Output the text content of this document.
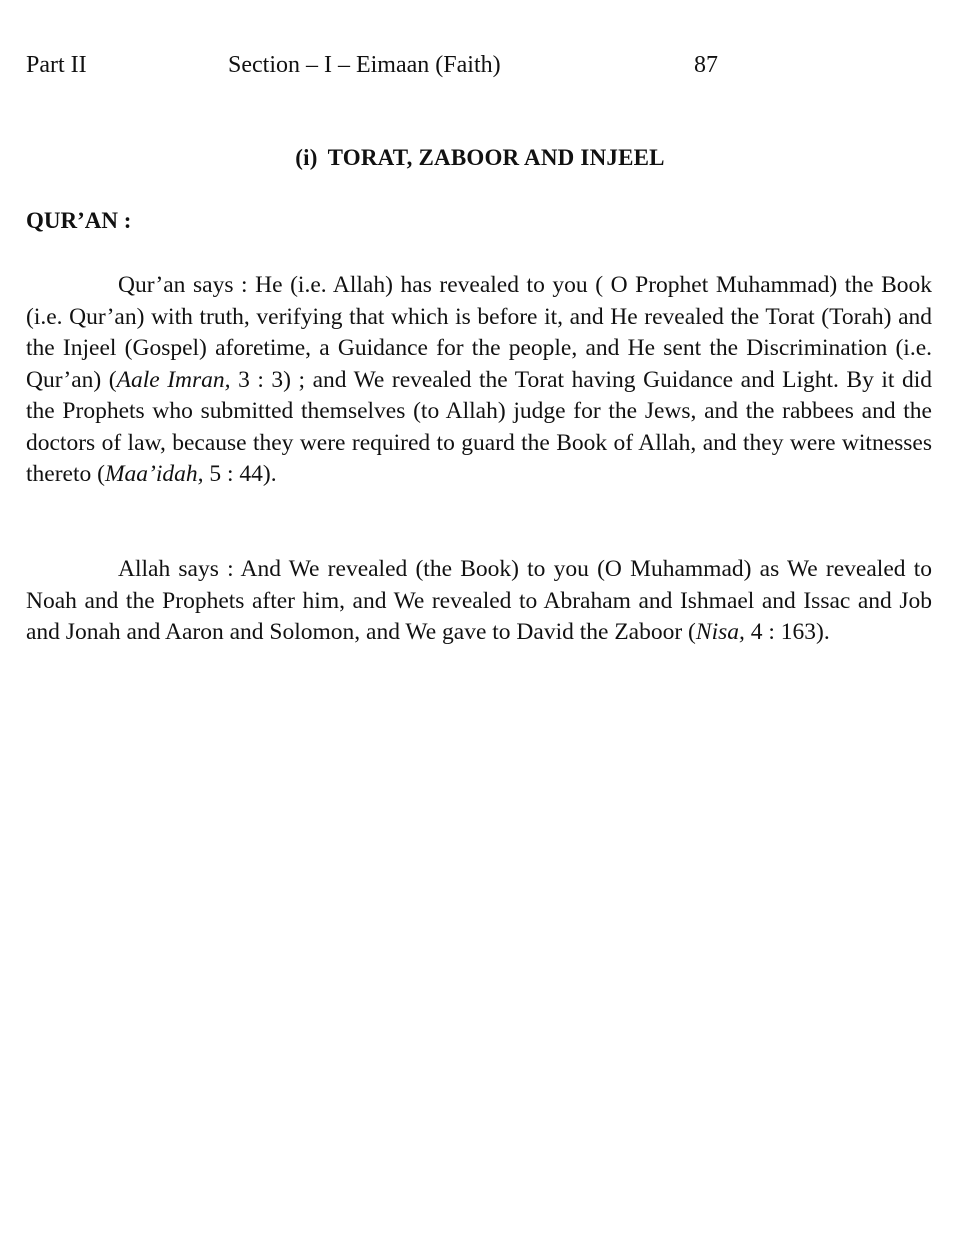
Part II	Section – I – Eimaan (Faith)	87
(i) TORAT, ZABOOR AND INJEEL
QUR’AN :

Qur’an says : He (i.e. Allah) has revealed to you ( O Prophet Muhammad) the Book (i.e. Qur’an) with truth, verifying that which is before it, and He revealed the Torat (Torah) and the Injeel (Gospel) aforetime, a Guidance for the people, and He sent the Discrimination (i.e. Qur’an) (Aale Imran, 3 : 3) ; and We revealed the Torat having Guidance and Light. By it did the Prophets who submitted themselves (to Allah) judge for the Jews, and the rabbees and the doctors of law, because they were required to guard the Book of Allah, and they were witnesses thereto (Maa’idah, 5 : 44).

Allah says : And We revealed (the Book) to you (O Muhammad) as We revealed to Noah and the Prophets after him, and We revealed to Abraham and Ishmael and Issac and Job and Jonah and Aaron and Solomon, and We gave to David the Zaboor (Nisa, 4 : 163).
